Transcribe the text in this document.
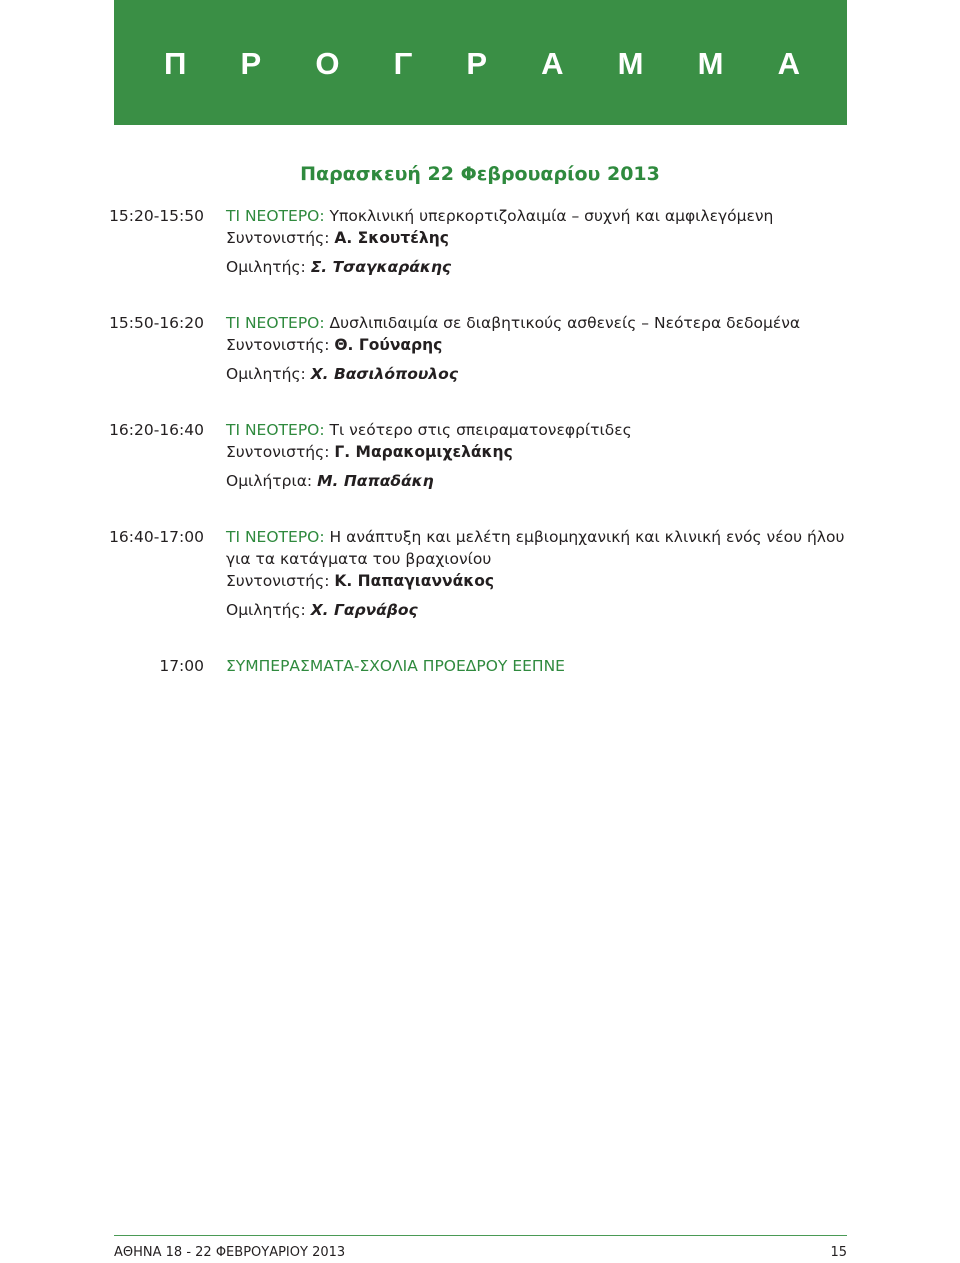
Π Ρ Ο Γ Ρ Α Μ Μ Α
Παρασκευή 22 Φεβρουαρίου 2013
15:20-15:50 ΤΙ ΝΕΟΤΕΡΟ: Υποκλινική υπερκορτιζολαιμία – συχνή και αμφιλεγόμενη
Συντονιστής: Α. Σκουτέλης
Ομιλητής: Σ. Τσαγκαράκης
15:50-16:20 ΤΙ ΝΕΟΤΕΡΟ: Δυσλιπιδαιμία σε διαβητικούς ασθενείς – Νεότερα δεδομένα
Συντονιστής: Θ. Γούναρης
Ομιλητής: Χ. Βασιλόπουλος
16:20-16:40 ΤΙ ΝΕΟΤΕΡΟ: Τι νεότερο στις σπειραματονεφρίτιδες
Συντονιστής: Γ. Μαρακομιχελάκης
Ομιλήτρια: Μ. Παπαδάκη
16:40-17:00 ΤΙ ΝΕΟΤΕΡΟ: Η ανάπτυξη και μελέτη εμβιομηχανική και κλινική ενός νέου ήλου για τα κατάγματα του βραχιονίου
Συντονιστής: Κ. Παπαγιαννάκος
Ομιλητής: Χ. Γαρνάβος
17:00 ΣΥΜΠΕΡΑΣΜΑΤΑ-ΣΧΟΛΙΑ ΠΡΟΕΔΡΟΥ ΕΕΠΝΕ
ΑΘΗΝΑ 18 - 22 ΦΕΒΡΟΥΑΡΙΟΥ 2013	15
